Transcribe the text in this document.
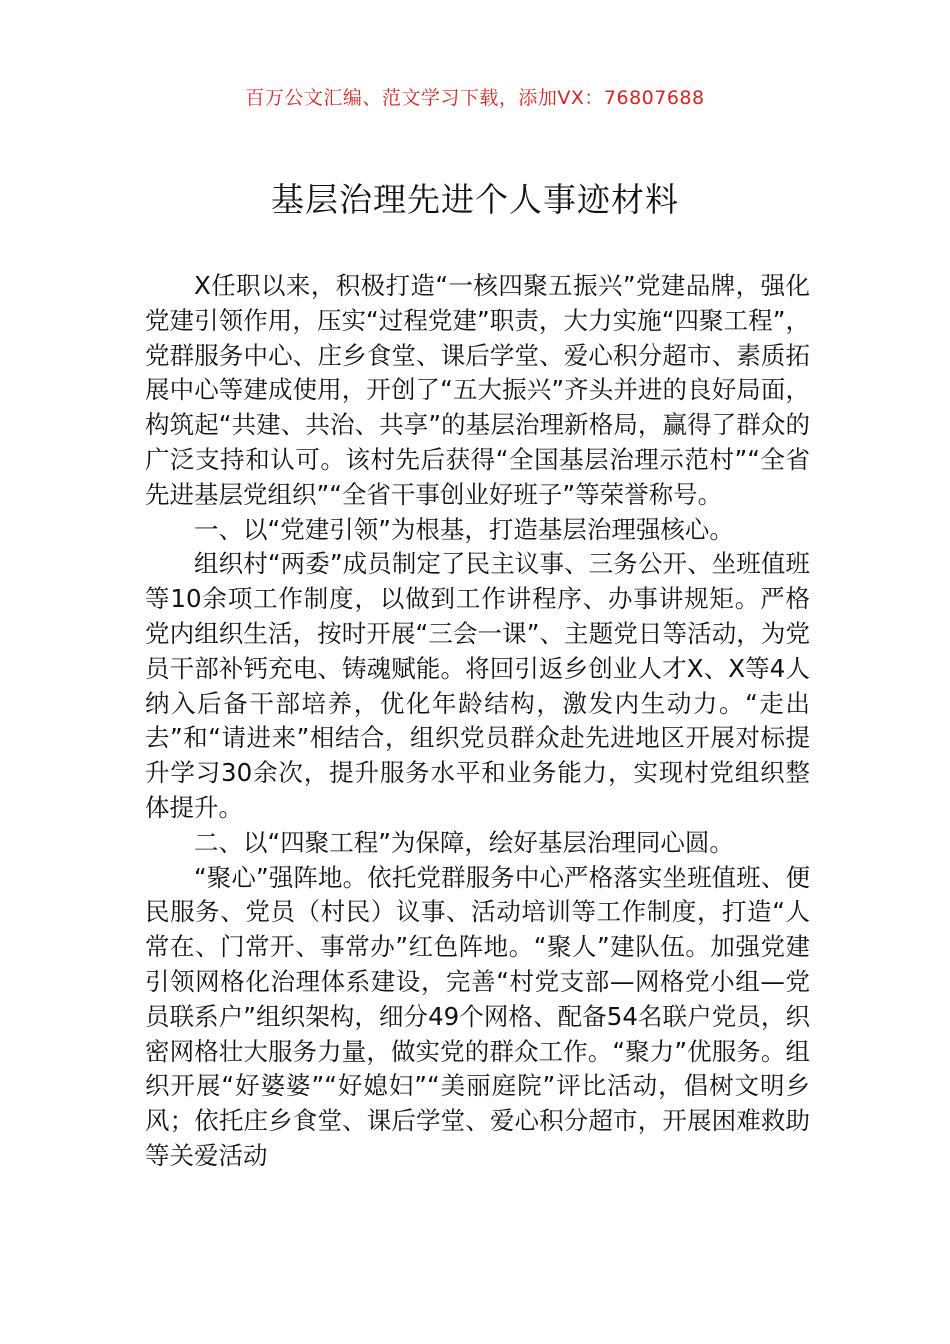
百万公文汇编、范文学习下载，添加VX：76807688
基层治理先进个人事迹材料

X任职以来，积极打造“一核四聚五振兴”党建品牌，强化党建引领作用，压实“过程党建”职责，大力实施“四聚工程”，党群服务中心、庄乡食堂、课后学堂、爱心积分超市、素质拓展中心等建成使用，开创了“五大振兴”齐头并进的良好局面，构筑起“共建、共治、共享”的基层治理新格局，赢得了群众的广泛支持和认可。该村先后获得“全国基层治理示范村”“全省先进基层党组织”“全省干事创业好班子”等荣誉称号。

一、以“党建引领”为根基，打造基层治理强核心。

组织村“两委”成员制定了民主议事、三务公开、坐班值班等10余项工作制度，以做到工作讲程序、办事讲规矩。严格党内组织生活，按时开展“三会一课”、主题党日等活动，为党员干部补钙充电、铸魂赋能。将回引返乡创业人才X、X等4人纳入后备干部培养，优化年龄结构，激发内生动力。“走出去”和“请进来”相结合，组织党员群众赴先进地区开展对标提升学习30余次，提升服务水平和业务能力，实现村党组织整体提升。

二、以“四聚工程”为保障，绘好基层治理同心圆。

“聚心”强阵地。依托党群服务中心严格落实坐班值班、便民服务、党员（村民）议事、活动培训等工作制度，打造“人常在、门常开、事常办”红色阵地。“聚人”建队伍。加强党建引领网格化治理体系建设，完善“村党支部—网格党小组—党员联系户”组织架构，细分49个网格、配备54名联户党员，织密网格壮大服务力量，做实党的群众工作。“聚力”优服务。组织开展“好婆婆”“好媳妇”“美丽庭院”评比活动，倡树文明乡风；依托庄乡食堂、课后学堂、爱心积分超市，开展困难救助等关爱活动
